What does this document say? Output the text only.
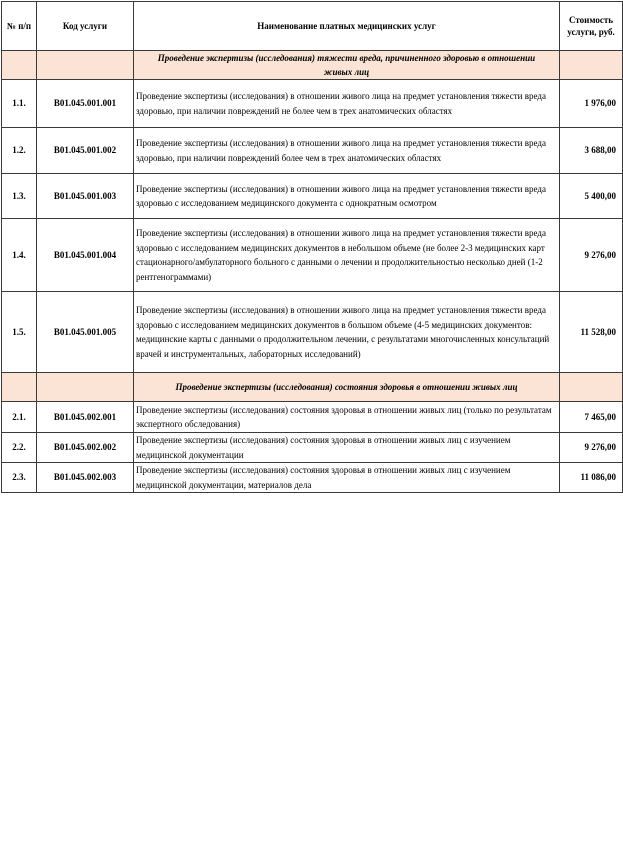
№ п/п	Код услуги	Наименование платных медицинских услуг	Стоимость услуги, руб.
		Проведение экспертизы (исследования) тяжести вреда, причиненного здоровью в отношении живых лиц	
1.1.	B01.045.001.001	Проведение экспертизы (исследования) в отношении живого лица на предмет установления тяжести вреда здоровью, при наличии повреждений не более чем в трех анатомических областях	1 976,00
1.2.	B01.045.001.002	Проведение экспертизы (исследования) в отношении живого лица на предмет установления тяжести вреда здоровью, при наличии повреждений более чем в трех анатомических областях	3 688,00
1.3.	B01.045.001.003	Проведение экспертизы (исследования) в отношении живого лица на предмет установления тяжести вреда здоровью с исследованием медицинского документа с однократным осмотром	5 400,00
1.4.	B01.045.001.004	Проведение экспертизы (исследования) в отношении живого лица на предмет установления тяжести вреда здоровью с исследованием медицинских документов в небольшом объеме (не более 2-3 медицинских карт стационарного/амбулаторного больного с данными о лечении и продолжительностью несколько дней (1-2 рентгенограммами)	9 276,00
1.5.	B01.045.001.005	Проведение экспертизы (исследования) в отношении живого лица на предмет установления тяжести вреда здоровью с исследованием медицинских документов в большом объеме (4-5 медицинских документов: медицинские карты с данными о продолжительном лечении, с результатами многочисленных консультаций врачей и инструментальных, лабораторных исследований)	11 528,00
		Проведение экспертизы (исследования) состояния здоровья в отношении живых лиц	
2.1.	B01.045.002.001	Проведение экспертизы (исследования) состояния здоровья в отношении живых лиц (только по результатам экспертного обследования)	7 465,00
2.2.	B01.045.002.002	Проведение экспертизы (исследования) состояния здоровья в отношении живых лиц с изучением медицинской документации	9 276,00
2.3.	B01.045.002.003	Проведение экспертизы (исследования) состояния здоровья в отношении живых лиц с изучением медицинской документации, материалов дела	11 086,00
